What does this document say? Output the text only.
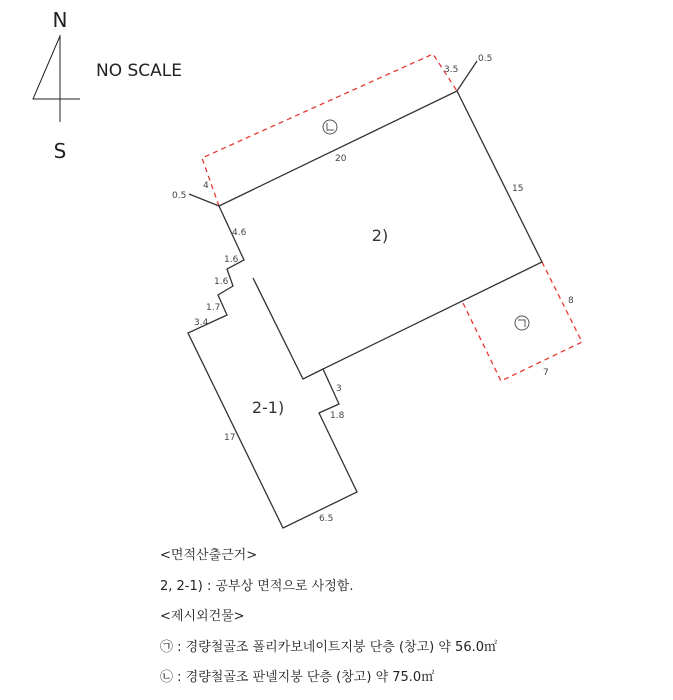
N
S
NO SCALE
2)
2-1)
0.5
3.5
20
4
0.5
15
4.6
1.6
1.6
1.7
3.4
8
7
3
1.8
17
6.5
<면적산출근거>
2, 2-1) : 공부상 면적으로 사정함.
<제시외건물>
㉠ : 경량철골조 폴리카보네이트지붕 단층 (창고) 약 56.0㎡
㉡ : 경량철골조 판넬지붕 단층 (창고) 약 75.0㎡
